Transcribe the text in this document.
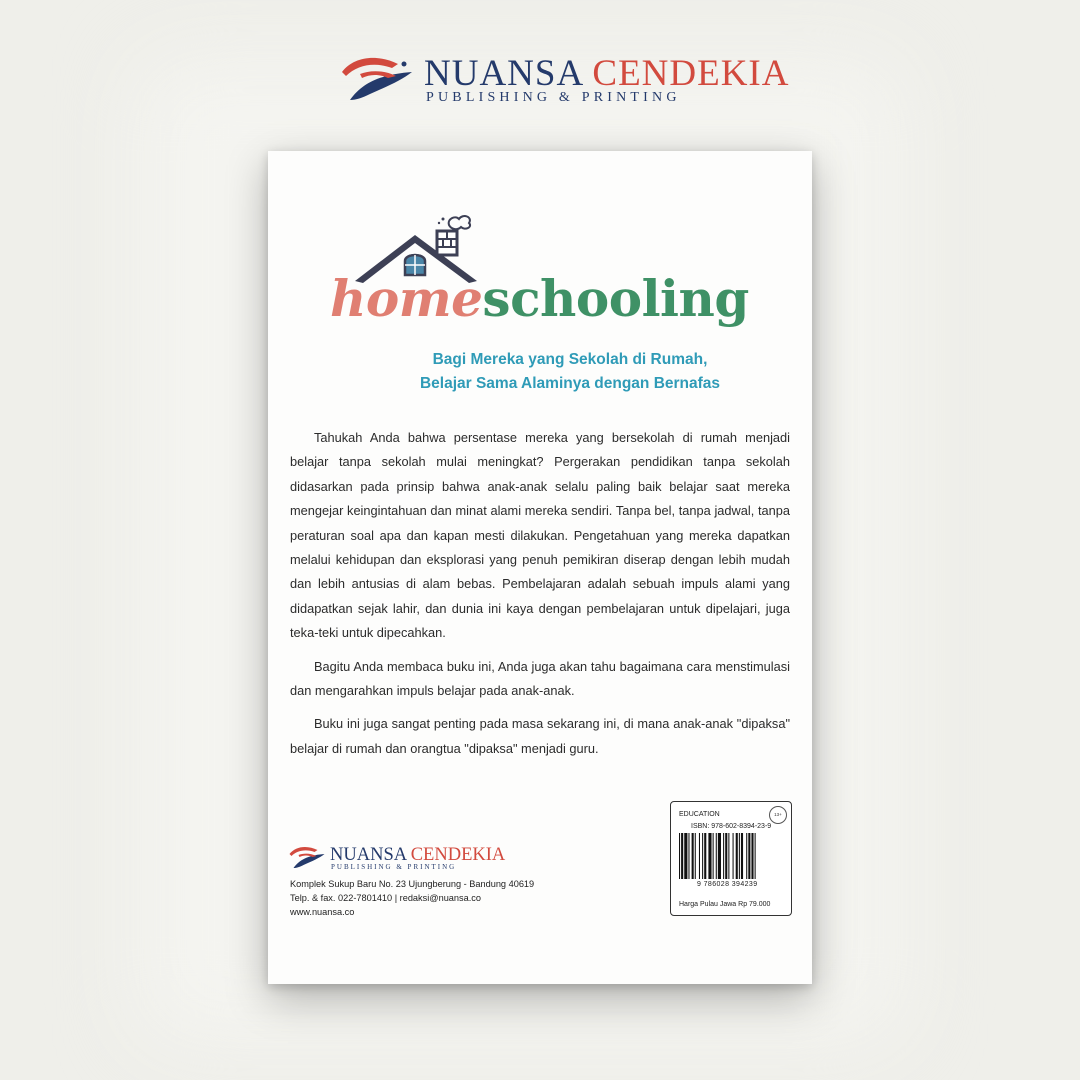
NUANSA CENDEKIA
PUBLISHING & PRINTING
homeschooling
Bagi Mereka yang Sekolah di Rumah,
Belajar Sama Alaminya dengan Bernafas

Tahukah Anda bahwa persentase mereka yang bersekolah di rumah menjadi belajar tanpa sekolah mulai meningkat? Pergerakan pendidikan tanpa sekolah didasarkan pada prinsip bahwa anak-anak selalu paling baik belajar saat mereka mengejar keingintahuan dan minat alami mereka sendiri. Tanpa bel, tanpa jadwal, tanpa peraturan soal apa dan kapan mesti dilakukan. Pengetahuan yang mereka dapatkan melalui kehidupan dan eksplorasi yang penuh pemikiran diserap dengan lebih mudah dan lebih antusias di alam bebas. Pembelajaran adalah sebuah impuls alami yang didapatkan sejak lahir, dan dunia ini kaya dengan pembelajaran untuk dipelajari, juga teka-teki untuk dipecahkan.

Bagitu Anda membaca buku ini, Anda juga akan tahu bagaimana cara menstimulasi dan mengarahkan impuls belajar pada anak-anak.

Buku ini juga sangat penting pada masa sekarang ini, di mana anak-anak "dipaksa" belajar di rumah dan orangtua "dipaksa" menjadi guru.

NUANSA CENDEKIA
PUBLISHING & PRINTING
Komplek Sukup Baru No. 23 Ujungberung - Bandung 40619
Telp. & fax. 022-7801410 | redaksi@nuansa.co
www.nuansa.co
EDUCATION	13+
ISBN: 978-602-8394-23-9
9 786028 394239
Harga Pulau Jawa Rp 79.000
